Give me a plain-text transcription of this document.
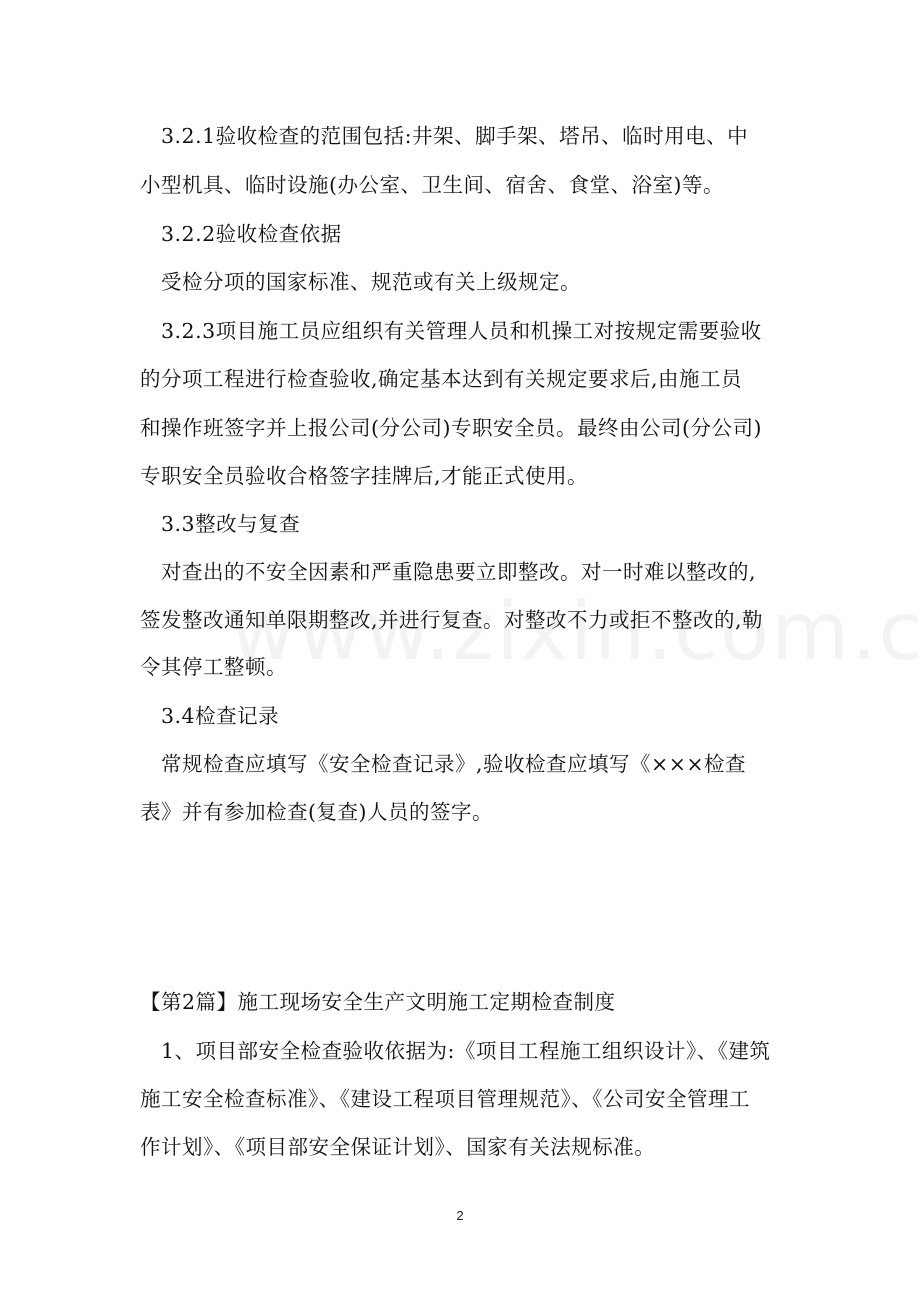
3.2.1验收检查的范围包括:井架、脚手架、塔吊、临时用电、中
小型机具、临时设施(办公室、卫生间、宿舍、食堂、浴室)等。
3.2.2验收检查依据
受检分项的国家标准、规范或有关上级规定。
3.2.3项目施工员应组织有关管理人员和机操工对按规定需要验收
的分项工程进行检查验收,确定基本达到有关规定要求后,由施工员
和操作班签字并上报公司(分公司)专职安全员。最终由公司(分公司)
专职安全员验收合格签字挂牌后,才能正式使用。
3.3整改与复查
对查出的不安全因素和严重隐患要立即整改。对一时难以整改的,
签发整改通知单限期整改,并进行复查。对整改不力或拒不整改的,勒
令其停工整顿。
3.4检查记录
常规检查应填写《安全检查记录》,验收检查应填写《×××检查
表》并有参加检查(复查)人员的签字。
【第2篇】施工现场安全生产文明施工定期检查制度
1、项目部安全检查验收依据为:《项目工程施工组织设计》、《建筑
施工安全检查标准》、《建设工程项目管理规范》、《公司安全管理工
作计划》、《项目部安全保证计划》、国家有关法规标准。
2
